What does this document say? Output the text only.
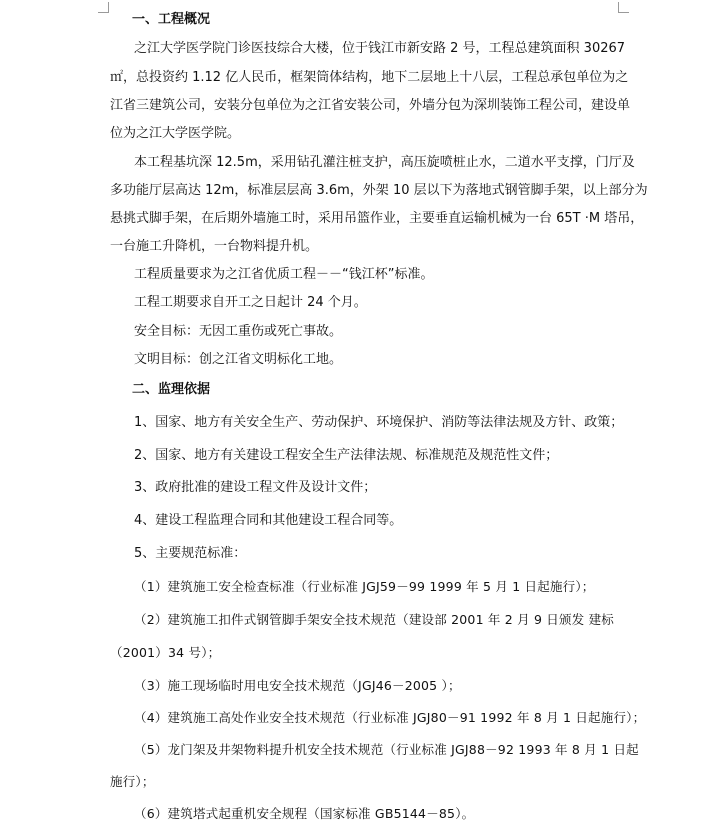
一、工程概况
之江大学医学院门诊医技综合大楼，位于钱江市新安路 2 号，工程总建筑面积 30267
㎡，总投资约 1.12 亿人民币，框架筒体结构，地下二层地上十八层，工程总承包单位为之
江省三建筑公司，安装分包单位为之江省安装公司，外墙分包为深圳装饰工程公司，建设单
位为之江大学医学院。
本工程基坑深 12.5m，采用钻孔灌注桩支护，高压旋喷桩止水，二道水平支撑，门厅及
多功能厅层高达 12m，标准层层高 3.6m，外架 10 层以下为落地式钢管脚手架，以上部分为
悬挑式脚手架，在后期外墙施工时，采用吊篮作业，主要垂直运输机械为一台 65T ·M 塔吊，
一台施工升降机，一台物料提升机。
工程质量要求为之江省优质工程－－“钱江杯”标准。
工程工期要求自开工之日起计 24 个月。
安全目标：无因工重伤或死亡事故。
文明目标：创之江省文明标化工地。
二、监理依据
1、国家、地方有关安全生产、劳动保护、环境保护、消防等法律法规及方针、政策；
2、国家、地方有关建设工程安全生产法律法规、标准规范及规范性文件；
3、政府批准的建设工程文件及设计文件；
4、建设工程监理合同和其他建设工程合同等。
5、主要规范标准：
（1）建筑施工安全检查标准（行业标准 JGJ59－99 1999 年 5 月 1 日起施行）；
（2）建筑施工扣件式钢管脚手架安全技术规范（建设部 2001 年 2 月 9 日颁发 建标
（2001）34 号）；
（3）施工现场临时用电安全技术规范（JGJ46－2005 ）；
（4）建筑施工高处作业安全技术规范（行业标准 JGJ80－91 1992 年 8 月 1 日起施行）；
（5）龙门架及井架物料提升机安全技术规范（行业标准 JGJ88－92 1993 年 8 月 1 日起
施行）；
（6）建筑塔式起重机安全规程（国家标准 GB5144－85）。
